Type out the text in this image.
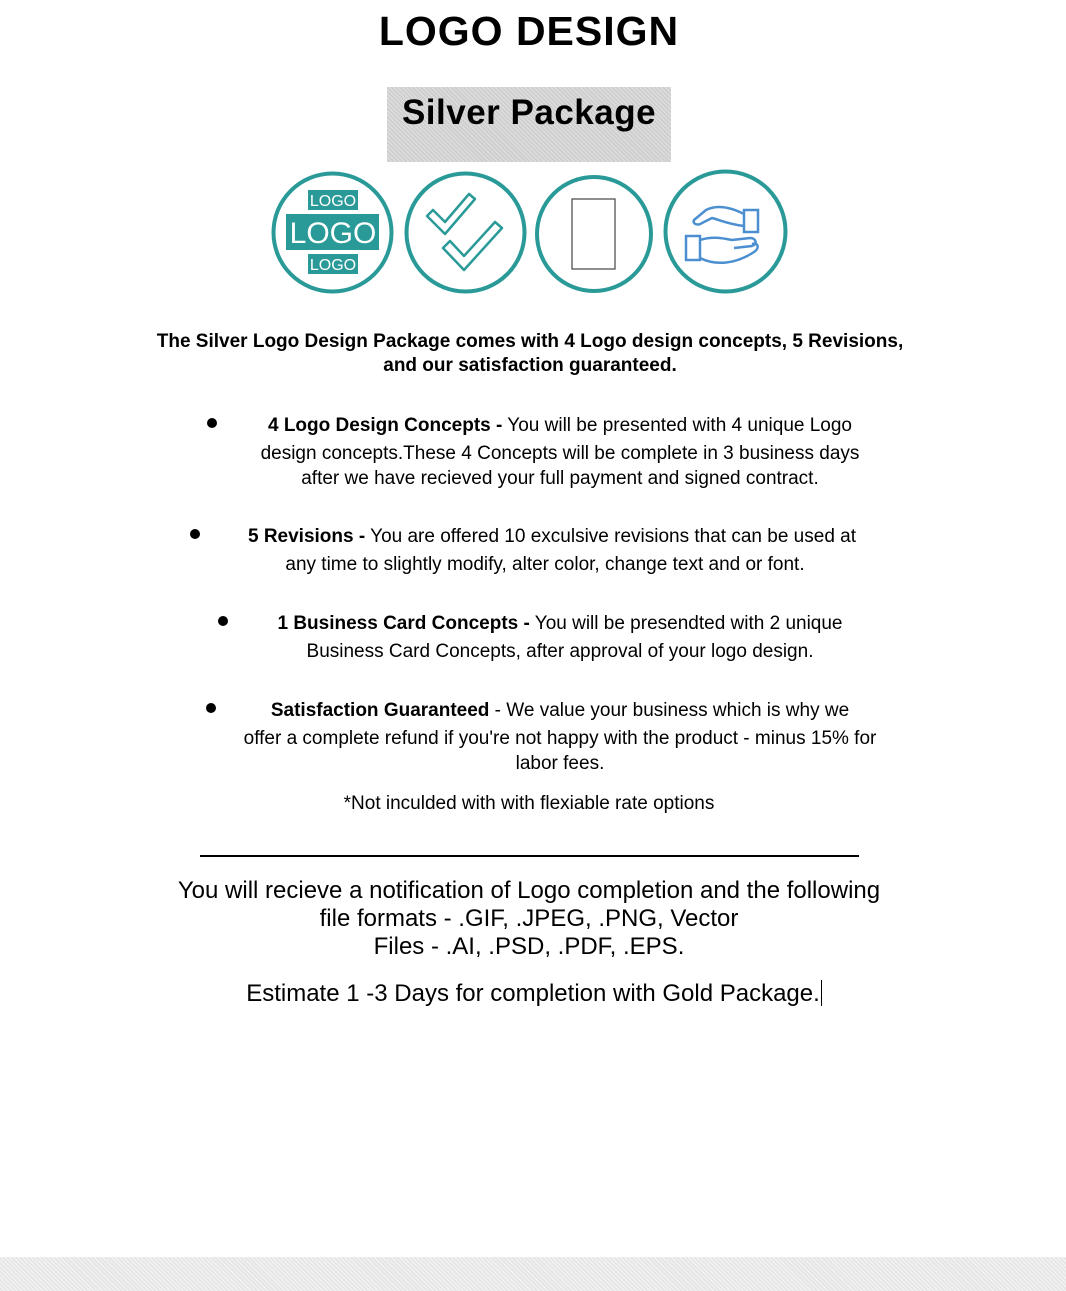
LOGO DESIGN
Silver Package
LOGO
LOGO
LOGO

The Silver Logo Design Package comes with 4 Logo design concepts, 5 Revisions, and our satisfaction guaranteed.

4 Logo Design Concepts - You will be presented with 4 unique Logo
design concepts.These 4 Concepts will be complete in 3 business days
after we have recieved your full payment and signed contract.
5 Revisions - You are offered 10 exculsive revisions that can be used at
any time to slightly modify, alter color, change text and or font.
1 Business Card Concepts - You will be presendted with 2 unique
Business Card Concepts, after approval of your logo design.
Satisfaction Guaranteed - We value your business which is why we
offer a complete refund if you're not happy with the product - minus 15% for
labor fees.
*Not inculded with with flexiable rate options
You will recieve a notification of Logo completion and the following
file formats - .GIF, .JPEG, .PNG, Vector
Files - .AI, .PSD, .PDF, .EPS.
Estimate 1 -3 Days for completion with Gold Package.
